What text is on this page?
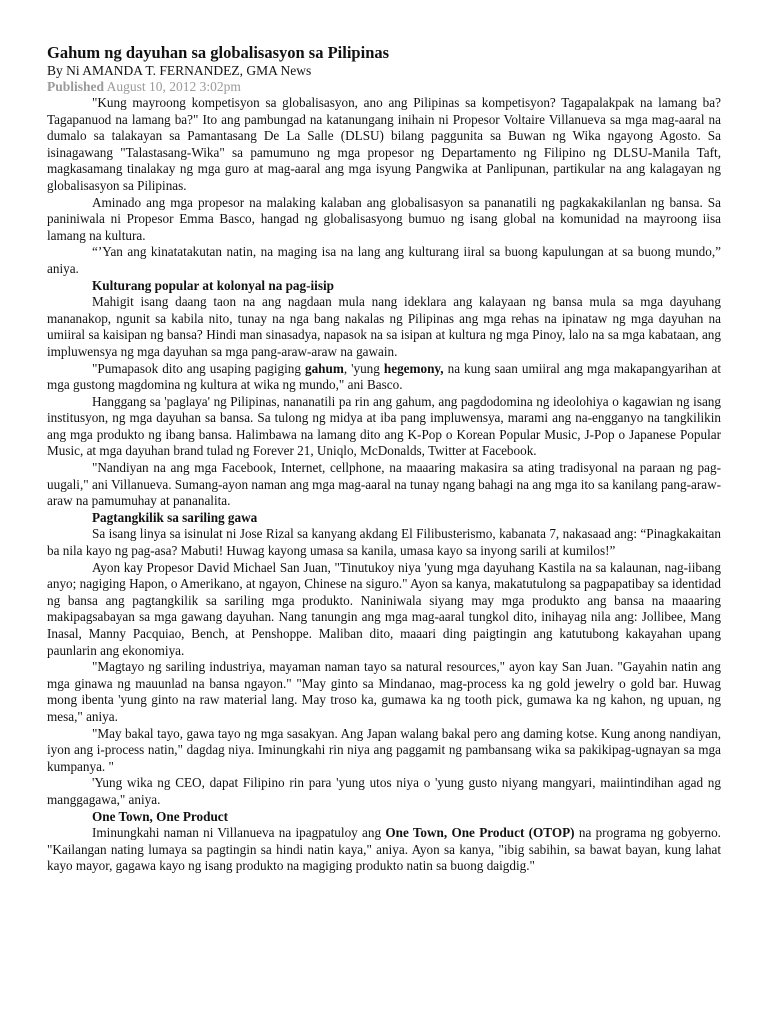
Gahum ng dayuhan sa globalisasyon sa Pilipinas

By Ni AMANDA T. FERNANDEZ, GMA News

Published August 10, 2012 3:02pm

"Kung mayroong kompetisyon sa globalisasyon, ano ang Pilipinas sa kompetisyon? Tagapalakpak na lamang ba? Tagapanuod na lamang ba?" Ito ang pambungad na katanungang inihain ni Propesor Voltaire Villanueva sa mga mag-aaral na dumalo sa talakayan sa Pamantasang De La Salle (DLSU) bilang paggunita sa Buwan ng Wika ngayong Agosto. Sa isinagawang "Talastasang-Wika" sa pamumuno ng mga propesor ng Departamento ng Filipino ng DLSU-Manila Taft, magkasamang tinalakay ng mga guro at mag-aaral ang mga isyung Pangwika at Panlipunan, partikular na ang kalagayan ng globalisasyon sa Pilipinas.

Aminado ang mga propesor na malaking kalaban ang globalisasyon sa pananatili ng pagkakakilanlan ng bansa. Sa paniniwala ni Propesor Emma Basco, hangad ng globalisasyong bumuo ng isang global na komunidad na mayroong iisa lamang na kultura.

“’Yan ang kinatatakutan natin, na maging isa na lang ang kulturang iiral sa buong kapulungan at sa buong mundo,” aniya.

Kulturang popular at kolonyal na pag-iisip

Mahigit isang daang taon na ang nagdaan mula nang ideklara ang kalayaan ng bansa mula sa mga dayuhang mananakop, ngunit sa kabila nito, tunay na nga bang nakalas ng Pilipinas ang mga rehas na ipinataw ng mga dayuhan na umiiral sa kaisipan ng bansa? Hindi man sinasadya, napasok na sa isipan at kultura ng mga Pinoy, lalo na sa mga kabataan, ang impluwensya ng mga dayuhan sa mga pang-araw-araw na gawain.

"Pumapasok dito ang usaping pagiging gahum, 'yung hegemony, na kung saan umiiral ang mga makapangyarihan at mga gustong magdomina ng kultura at wika ng mundo," ani Basco.

Hanggang sa 'paglaya' ng Pilipinas, nananatili pa rin ang gahum, ang pagdodomina ng ideolohiya o kagawian ng isang institusyon, ng mga dayuhan sa bansa. Sa tulong ng midya at iba pang impluwensya, marami ang na-engganyo na tangkilikin ang mga produkto ng ibang bansa. Halimbawa na lamang dito ang K-Pop o Korean Popular Music, J-Pop o Japanese Popular Music, at mga dayuhan brand tulad ng Forever 21, Uniqlo, McDonalds, Twitter at Facebook.

"Nandiyan na ang mga Facebook, Internet, cellphone, na maaaring makasira sa ating tradisyonal na paraan ng pag-uugali," ani Villanueva. Sumang-ayon naman ang mga mag-aaral na tunay ngang bahagi na ang mga ito sa kanilang pang-araw-araw na pamumuhay at pananalita.

Pagtangkilik sa sariling gawa

Sa isang linya sa isinulat ni Jose Rizal sa kanyang akdang El Filibusterismo, kabanata 7, nakasaad ang: “Pinagkakaitan ba nila kayo ng pag-asa? Mabuti! Huwag kayong umasa sa kanila, umasa kayo sa inyong sarili at kumilos!”

Ayon kay Propesor David Michael San Juan, "Tinutukoy niya 'yung mga dayuhang Kastila na sa kalaunan, nag-iibang anyo; nagiging Hapon, o Amerikano, at ngayon, Chinese na siguro." Ayon sa kanya, makatutulong sa pagpapatibay sa identidad ng bansa ang pagtangkilik sa sariling mga produkto. Naniniwala siyang may mga produkto ang bansa na maaaring makipagsabayan sa mga gawang dayuhan. Nang tanungin ang mga mag-aaral tungkol dito, inihayag nila ang: Jollibee, Mang Inasal, Manny Pacquiao, Bench, at Penshoppe. Maliban dito, maaari ding paigtingin ang katutubong kakayahan upang paunlarin ang ekonomiya.

"Magtayo ng sariling industriya, mayaman naman tayo sa natural resources," ayon kay San Juan. "Gayahin natin ang mga ginawa ng mauunlad na bansa ngayon." "May ginto sa Mindanao, mag-process ka ng gold jewelry o gold bar. Huwag mong ibenta 'yung ginto na raw material lang. May troso ka, gumawa ka ng tooth pick, gumawa ka ng kahon, ng upuan, ng mesa," aniya.

"May bakal tayo, gawa tayo ng mga sasakyan. Ang Japan walang bakal pero ang daming kotse. Kung anong nandiyan, iyon ang i-process natin," dagdag niya. Iminungkahi rin niya ang paggamit ng pambansang wika sa pakikipag-ugnayan sa mga kumpanya. "

'Yung wika ng CEO, dapat Filipino rin para 'yung utos niya o 'yung gusto niyang mangyari, maiintindihan agad ng manggagawa," aniya.

One Town, One Product

Iminungkahi naman ni Villanueva na ipagpatuloy ang One Town, One Product (OTOP) na programa ng gobyerno. "Kailangan nating lumaya sa pagtingin sa hindi natin kaya," aniya. Ayon sa kanya, "ibig sabihin, sa bawat bayan, kung lahat kayo mayor, gagawa kayo ng isang produkto na magiging produkto natin sa buong daigdig."
